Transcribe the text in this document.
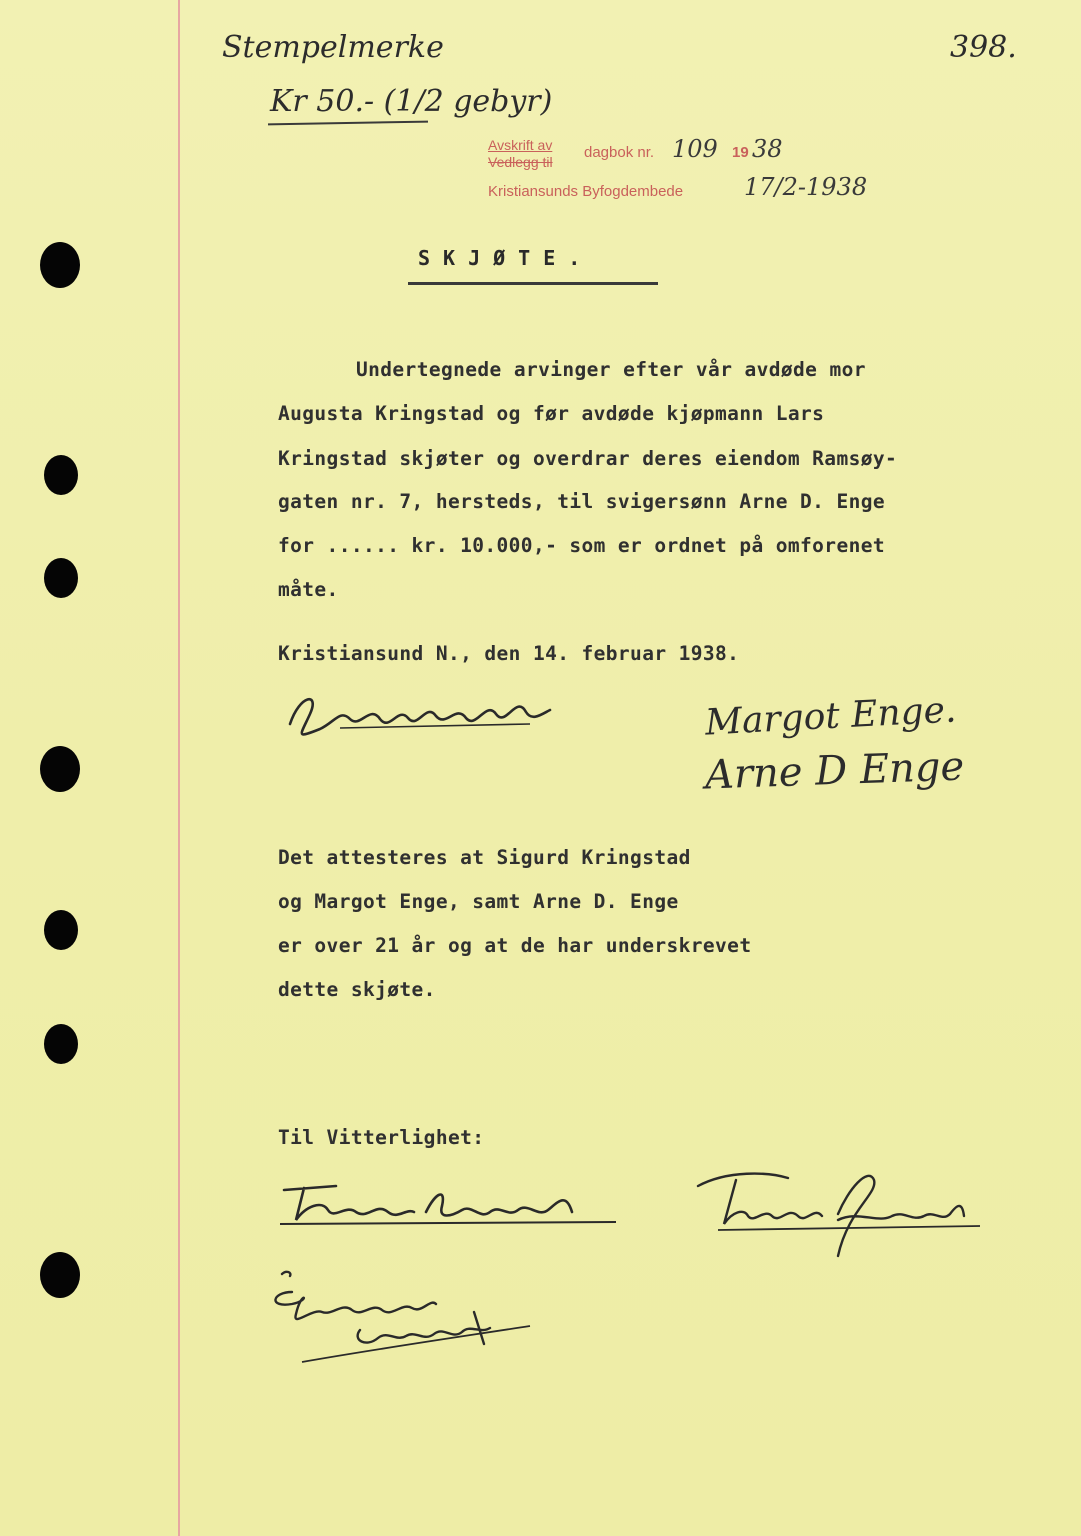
Stempelmerke
Kr 50.- (1/2 gebyr)
398.
Avskrift av
Vedlegg til
dagbok nr. 109 19 38
Kristiansunds Byfogdembede	17/2-1938
SKJØTE.
Undertegnede arvinger efter vår avdøde mor
Augusta Kringstad og før avdøde kjøpmann Lars
Kringstad skjøter og overdrar deres eiendom Ramsøy-
gaten nr. 7, hersteds, til svigersønn Arne D. Enge
for ...... kr. 10.000,- som er ordnet på omforenet
måte.
Kristiansund N., den 14. februar 1938.
Margot Enge.
Arne D Enge
Det attesteres at Sigurd Kringstad
og Margot Enge, samt Arne D. Enge
er over 21 år og at de har underskrevet
dette skjøte.
Til Vitterlighet:
